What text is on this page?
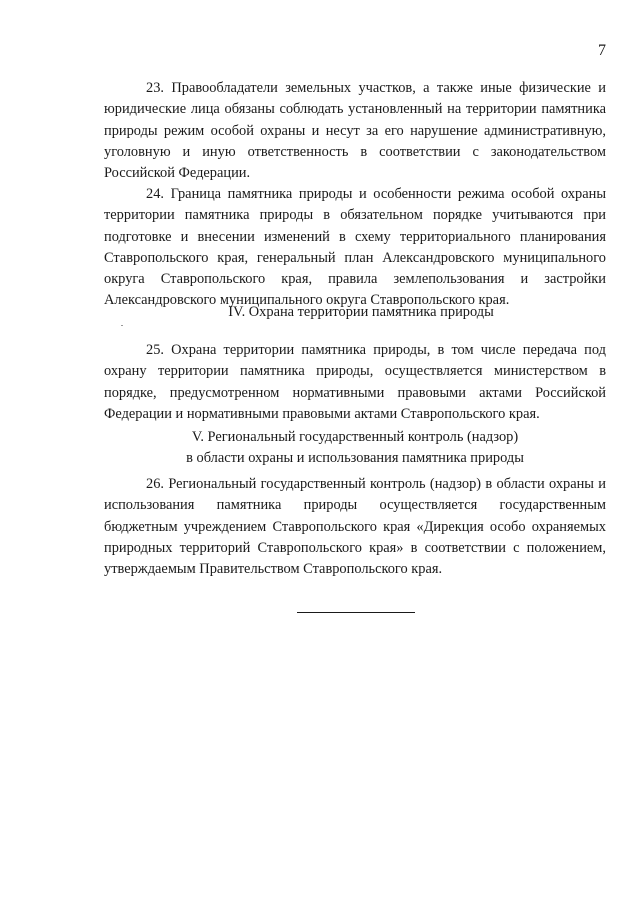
7

23. Правообладатели земельных участков, а также иные физические и юридические лица обязаны соблюдать установленный на территории памятника природы режим особой охраны и несут за его нарушение административную, уголовную и иную ответственность в соответствии с законодательством Российской Федерации.

24. Граница памятника природы и особенности режима особой охраны территории памятника природы в обязательном порядке учитываются при подготовке и внесении изменений в схему территориального планирования Ставропольского края, генеральный план Александровского муниципального округа Ставропольского края, правила землепользования и застройки Александровского муниципального округа Ставропольского края.

IV. Охрана территории памятника природы

25. Охрана территории памятника природы, в том числе передача под охрану территории памятника природы, осуществляется министерством в порядке, предусмотренном нормативными правовыми актами Российской Федерации и нормативными правовыми актами Ставропольского края.

V. Региональный государственный контроль (надзор)
в области охраны и использования памятника природы

26. Региональный государственный контроль (надзор) в области охраны и использования памятника природы осуществляется государственным бюджетным учреждением Ставропольского края «Дирекция особо охраняемых природных территорий Ставропольского края» в соответствии с положением, утверждаемым Правительством Ставропольского края.
